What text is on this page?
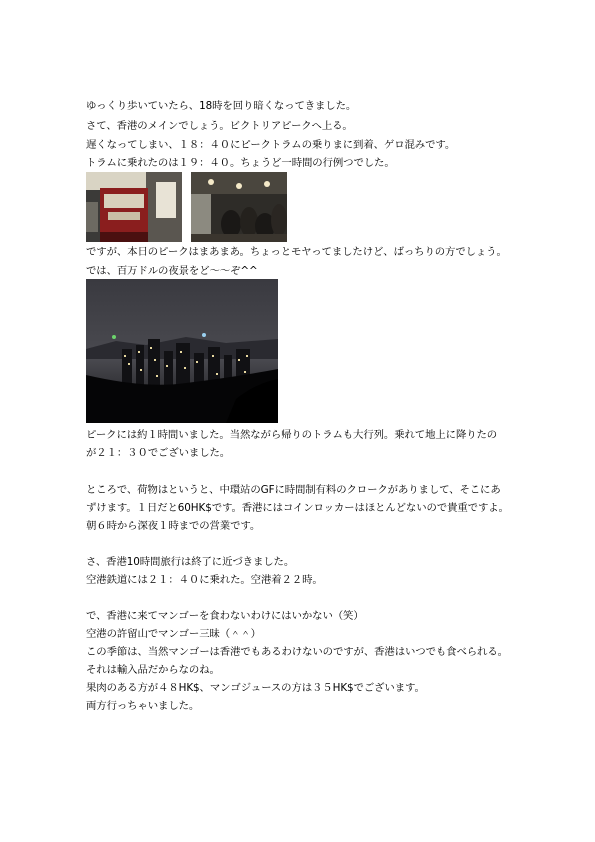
ゆっくり歩いていたら、18時を回り暗くなってきました。
さて、香港のメインでしょう。ビクトリアピークへ上る。
遅くなってしまい、１８：４０にピークトラムの乗りまに到着、ゲロ混みです。
トラムに乗れたのは１９：４０。ちょうど一時間の行例つでした。
ですが、本日のピークはまあまあ。ちょっとモヤってましたけど、ばっちりの方でしょう。
では、百万ドルの夜景をど～～ぞ^^
ピークには約１時間いました。当然ながら帰りのトラムも大行列。乗れて地上に降りたの
が２１：３０でございました。
ところで、荷物はというと、中環站のGFに時間制有料のクロークがありまして、そこにあ
ずけます。１日だと60HK$です。香港にはコインロッカーはほとんどないので貴重ですよ。
朝６時から深夜１時までの営業です。
さ、香港10時間旅行は終了に近づきました。
空港鉄道には２１：４０に乗れた。空港着２２時。
で、香港に来てマンゴーを食わないわけにはいかない（笑）
空港の許留山でマンゴー三昧（＾＾）
この季節は、当然マンゴーは香港でもあるわけないのですが、香港はいつでも食べられる。
それは輸入品だからなのね。
果肉のある方が４８HK$、マンゴジュースの方は３５HK$でございます。
両方行っちゃいました。
